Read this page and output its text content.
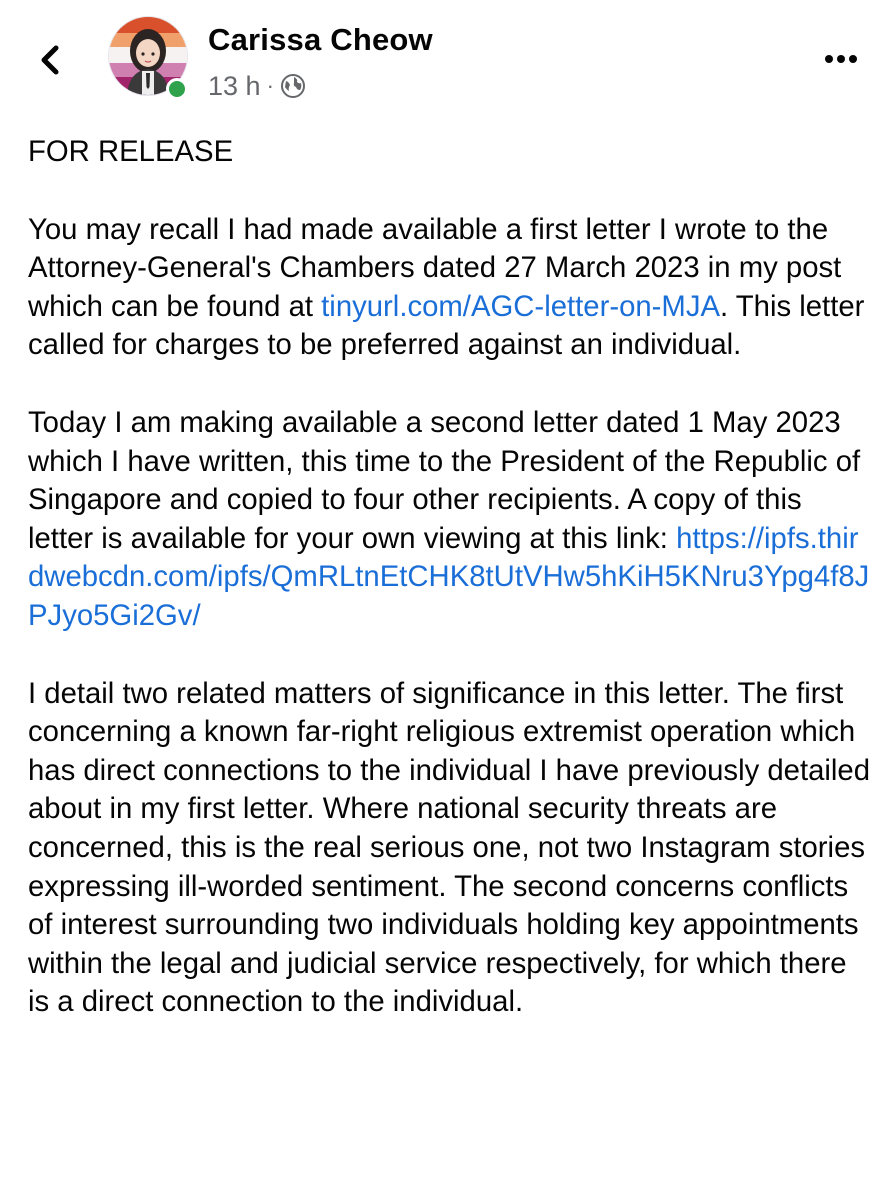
Carissa Cheow
13 h ·

FOR RELEASE

You may recall I had made available a first letter I wrote to the Attorney-General's Chambers dated 27 March 2023 in my post which can be found at tinyurl.com/AGC-letter-on-MJA. This letter called for charges to be preferred against an individual.

Today I am making available a second letter dated 1 May 2023 which I have written, this time to the President of the Republic of Singapore and copied to four other recipients. A copy of this letter is available for your own viewing at this link: https://ipfs.thirdwebcdn.com/ipfs/QmRLtnEtCHK8tUtVHw5hKiH5KNru3Ypg4f8JPJyo5Gi2Gv/

I detail two related matters of significance in this letter. The first concerning a known far-right religious extremist operation which has direct connections to the individual I have previously detailed about in my first letter. Where national security threats are concerned, this is the real serious one, not two Instagram stories expressing ill-worded sentiment. The second concerns conflicts of interest surrounding two individuals holding key appointments within the legal and judicial service respectively, for which there is a direct connection to the individual.
